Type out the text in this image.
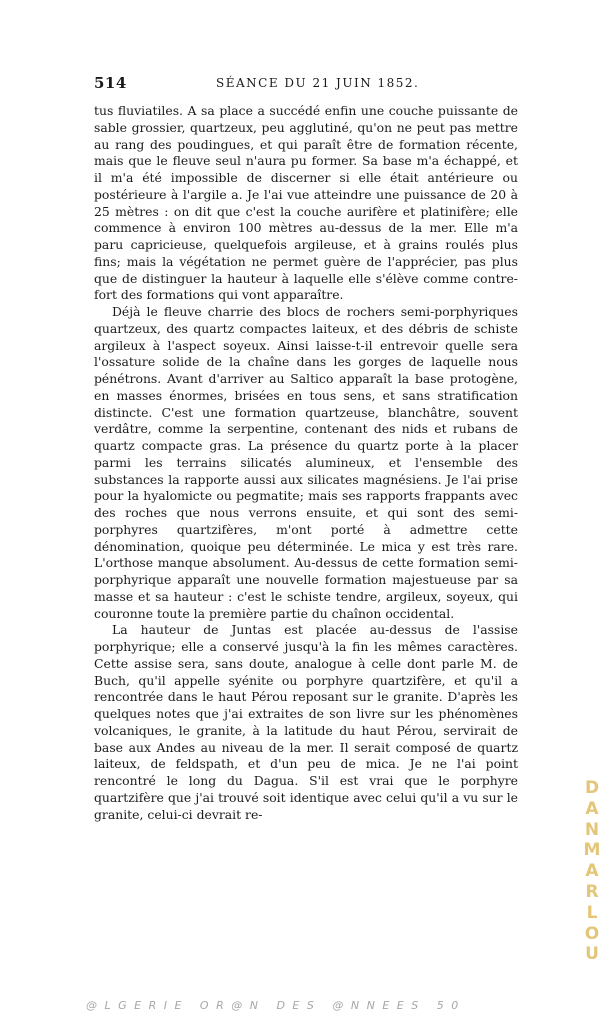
514	SÉANCE DU 21 JUIN 1852.

tus fluviatiles. A sa place a succédé enfin une couche puissante de sable grossier, quartzeux, peu agglutiné, qu'on ne peut pas mettre au rang des poudingues, et qui paraît être de formation récente, mais que le fleuve seul n'aura pu former. Sa base m'a échappé, et il m'a été impossible de discerner si elle était antérieure ou postérieure à l'argile a. Je l'ai vue atteindre une puissance de 20 à 25 mètres : on dit que c'est la couche aurifère et platinifère; elle commence à environ 100 mètres au-dessus de la mer. Elle m'a paru capricieuse, quelquefois argileuse, et à grains roulés plus fins; mais la végétation ne permet guère de l'apprécier, pas plus que de distinguer la hauteur à laquelle elle s'élève comme contre-fort des formations qui vont apparaître.

Déjà le fleuve charrie des blocs de rochers semi-porphyriques quartzeux, des quartz compactes laiteux, et des débris de schiste argileux à l'aspect soyeux. Ainsi laisse-t-il entrevoir quelle sera l'ossature solide de la chaîne dans les gorges de laquelle nous pénétrons. Avant d'arriver au Saltico apparaît la base protogène, en masses énormes, brisées en tous sens, et sans stratification distincte. C'est une formation quartzeuse, blanchâtre, souvent verdâtre, comme la serpentine, contenant des nids et rubans de quartz compacte gras. La présence du quartz porte à la placer parmi les terrains silicatés alumineux, et l'ensemble des substances la rapporte aussi aux silicates magnésiens. Je l'ai prise pour la hyalomicte ou pegmatite; mais ses rapports frappants avec des roches que nous verrons ensuite, et qui sont des semi-porphyres quartzifères, m'ont porté à admettre cette dénomination, quoique peu déterminée. Le mica y est très rare. L'orthose manque absolument. Au-dessus de cette formation semi-porphyrique apparaît une nouvelle formation majestueuse par sa masse et sa hauteur : c'est le schiste tendre, argileux, soyeux, qui couronne toute la première partie du chaînon occidental.

La hauteur de Juntas est placée au-dessus de l'assise porphyrique; elle a conservé jusqu'à la fin les mêmes caractères. Cette assise sera, sans doute, analogue à celle dont parle M. de Buch, qu'il appelle syénite ou porphyre quartzifère, et qu'il a rencontrée dans le haut Pérou reposant sur le granite. D'après les quelques notes que j'ai extraites de son livre sur les phénomènes volcaniques, le granite, à la latitude du haut Pérou, servirait de base aux Andes au niveau de la mer. Il serait composé de quartz laiteux, de feldspath, et d'un peu de mica. Je ne l'ai point rencontré le long du Dagua. S'il est vrai que le porphyre quartzifère que j'ai trouvé soit identique avec celui qu'il a vu sur le granite, celui-ci devrait re-

D
A
N
M
A
R
L
O
U
@LGERIE OR@N DES @NNEES 50
